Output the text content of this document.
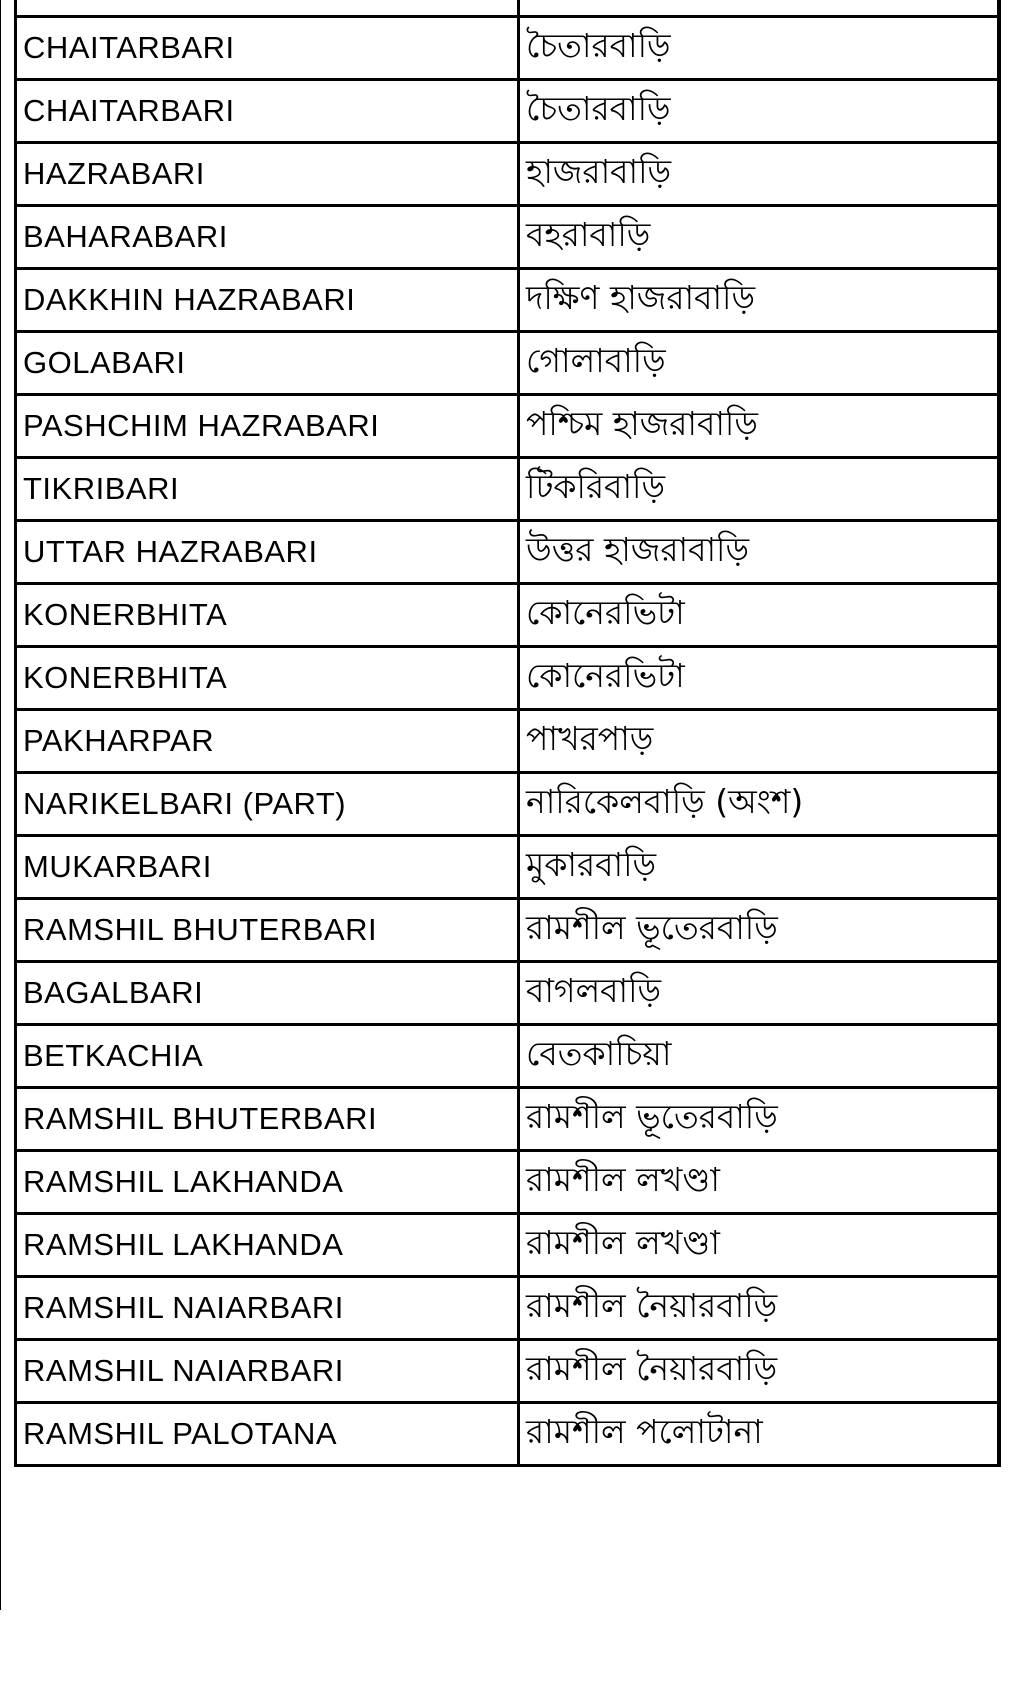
CHAITARBARI	চৈতারবাড়ি	
CHAITARBARI	চৈতারবাড়ি	
HAZRABARI	হাজরাবাড়ি	
BAHARABARI	বহরাবাড়ি	
DAKKHIN HAZRABARI	দক্ষিণ হাজরাবাড়ি	
GOLABARI	গোলাবাড়ি	
PASHCHIM HAZRABARI	পশ্চিম হাজরাবাড়ি	
TIKRIBARI	টিকরিবাড়ি	
UTTAR HAZRABARI	উত্তর হাজরাবাড়ি	
KONERBHITA	কোনেরভিটা	
KONERBHITA	কোনেরভিটা	
PAKHARPAR	পাখরপাড়	
NARIKELBARI (PART)	নারিকেলবাড়ি (অংশ)	
MUKARBARI	মুকারবাড়ি	
RAMSHIL BHUTERBARI	রামশীল ভূতেরবাড়ি	
BAGALBARI	বাগলবাড়ি	
BETKACHIA	বেতকাচিয়া	
RAMSHIL BHUTERBARI	রামশীল ভূতেরবাড়ি	
RAMSHIL LAKHANDA	রামশীল লখণ্ডা	
RAMSHIL LAKHANDA	রামশীল লখণ্ডা	
RAMSHIL NAIARBARI	রামশীল নৈয়ারবাড়ি	
RAMSHIL NAIARBARI	রামশীল নৈয়ারবাড়ি	
RAMSHIL PALOTANA	রামশীল পলোটানা	
